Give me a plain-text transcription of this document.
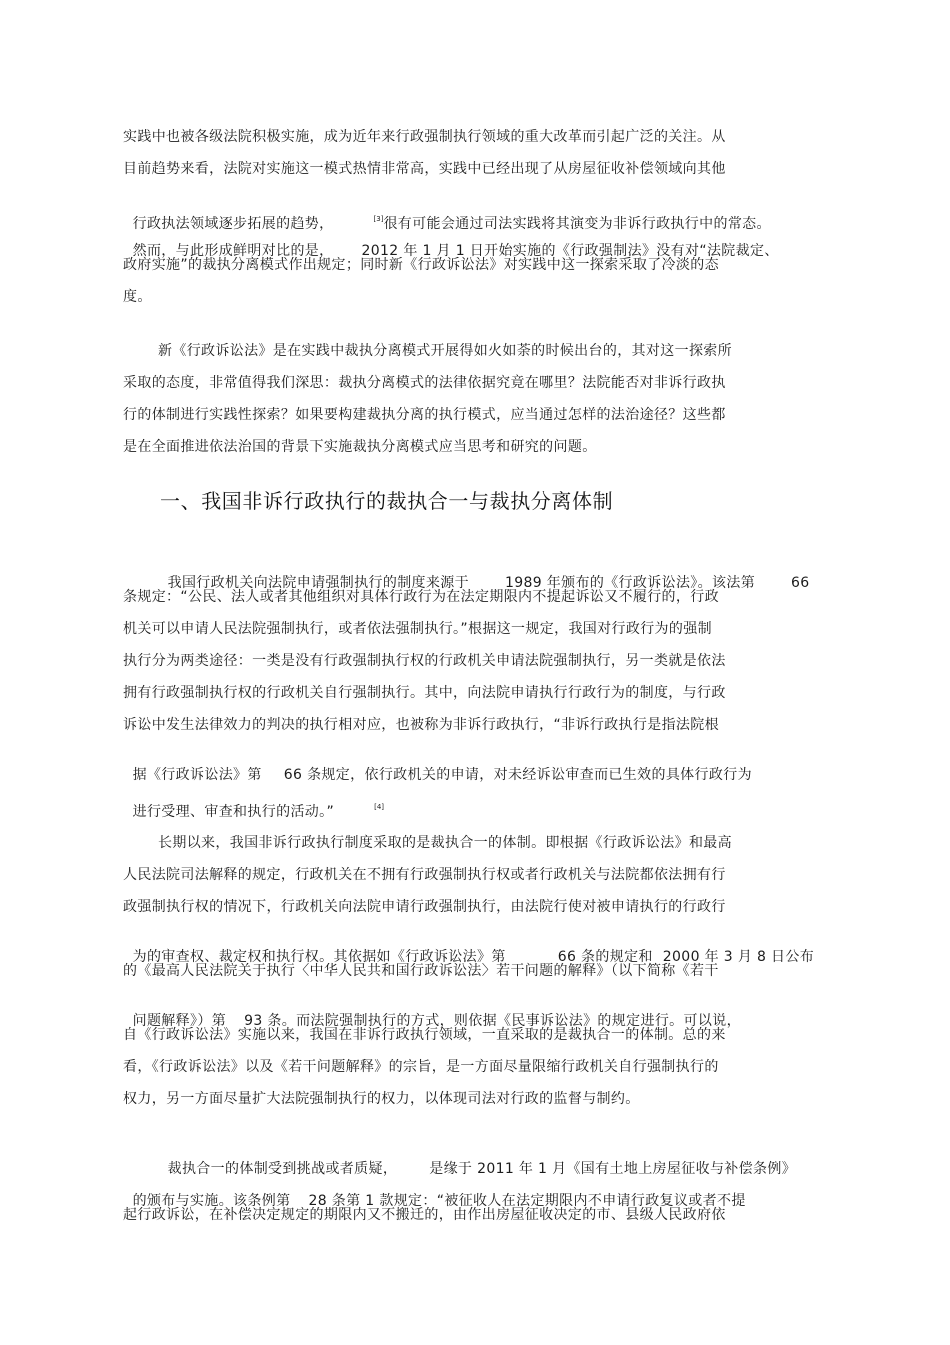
实践中也被各级法院积极实施，成为近年来行政强制执行领域的重大改革而引起广泛的关注。从
目前趋势来看，法院对实施这一模式热情非常高，实践中已经出现了从房屋征收补偿领域向其他

行政执法领域逐步拓展的趋势，	[3]很有可能会通过司法实践将其演变为非诉行政执行中的常态。

然而，与此形成鲜明对比的是， 2012 年 1 月 1 日开始实施的《行政强制法》没有对“法院裁定、

政府实施”的裁执分离模式作出规定；同时新《行政诉讼法》对实践中这一探索采取了冷淡的态
度。
新《行政诉讼法》是在实践中裁执分离模式开展得如火如荼的时候出台的，其对这一探索所
采取的态度，非常值得我们深思：裁执分离模式的法律依据究竟在哪里？法院能否对非诉行政执
行的体制进行实践性探索？如果要构建裁执分离的执行模式，应当通过怎样的法治途径？这些都
是在全面推进依法治国的背景下实施裁执分离模式应当思考和研究的问题。
一、我国非诉行政执行的裁执合一与裁执分离体制

我国行政机关向法院申请强制执行的制度来源于	1989 年颁布的《行政诉讼法》。该法第	66

条规定：“公民、法人或者其他组织对具体行政行为在法定期限内不提起诉讼又不履行的，行政
机关可以申请人民法院强制执行，或者依法强制执行。”根据这一规定，我国对行政行为的强制
执行分为两类途径：一类是没有行政强制执行权的行政机关申请法院强制执行，另一类就是依法
拥有行政强制执行权的行政机关自行强制执行。其中，向法院申请执行行政行为的制度，与行政
诉讼中发生法律效力的判决的执行相对应，也被称为非诉行政执行，“非诉行政执行是指法院根

据《行政诉讼法》第 66 条规定，依行政机关的申请，对未经诉讼审查而已生效的具体行政行为

进行受理、审查和执行的活动。”	[4]

长期以来，我国非诉行政执行制度采取的是裁执合一的体制。即根据《行政诉讼法》和最高
人民法院司法解释的规定，行政机关在不拥有行政强制执行权或者行政机关与法院都依法拥有行
政强制执行权的情况下，行政机关向法院申请行政强制执行，由法院行使对被申请执行的行政行

为的审查权、裁定权和执行权。其依据如《行政诉讼法》第	66 条的规定和 2000 年 3 月 8 日公布

的《最高人民法院关于执行〈中华人民共和国行政诉讼法〉若干问题的解释》（以下简称《若干

问题解释》）第 93 条。而法院强制执行的方式，则依据《民事诉讼法》的规定进行。可以说，

自《行政诉讼法》实施以来，我国在非诉行政执行领域，一直采取的是裁执合一的体制。总的来
看，《行政诉讼法》以及《若干问题解释》的宗旨，是一方面尽量限缩行政机关自行强制执行的
权力，另一方面尽量扩大法院强制执行的权力，以体现司法对行政的监督与制约。

裁执合一的体制受到挑战或者质疑， 是缘于 2011 年 1 月《国有土地上房屋征收与补偿条例》

的颁布与实施。该条例第 28 条第 1 款规定：“被征收人在法定期限内不申请行政复议或者不提

起行政诉讼，在补偿决定规定的期限内又不搬迁的，由作出房屋征收决定的市、县级人民政府依
